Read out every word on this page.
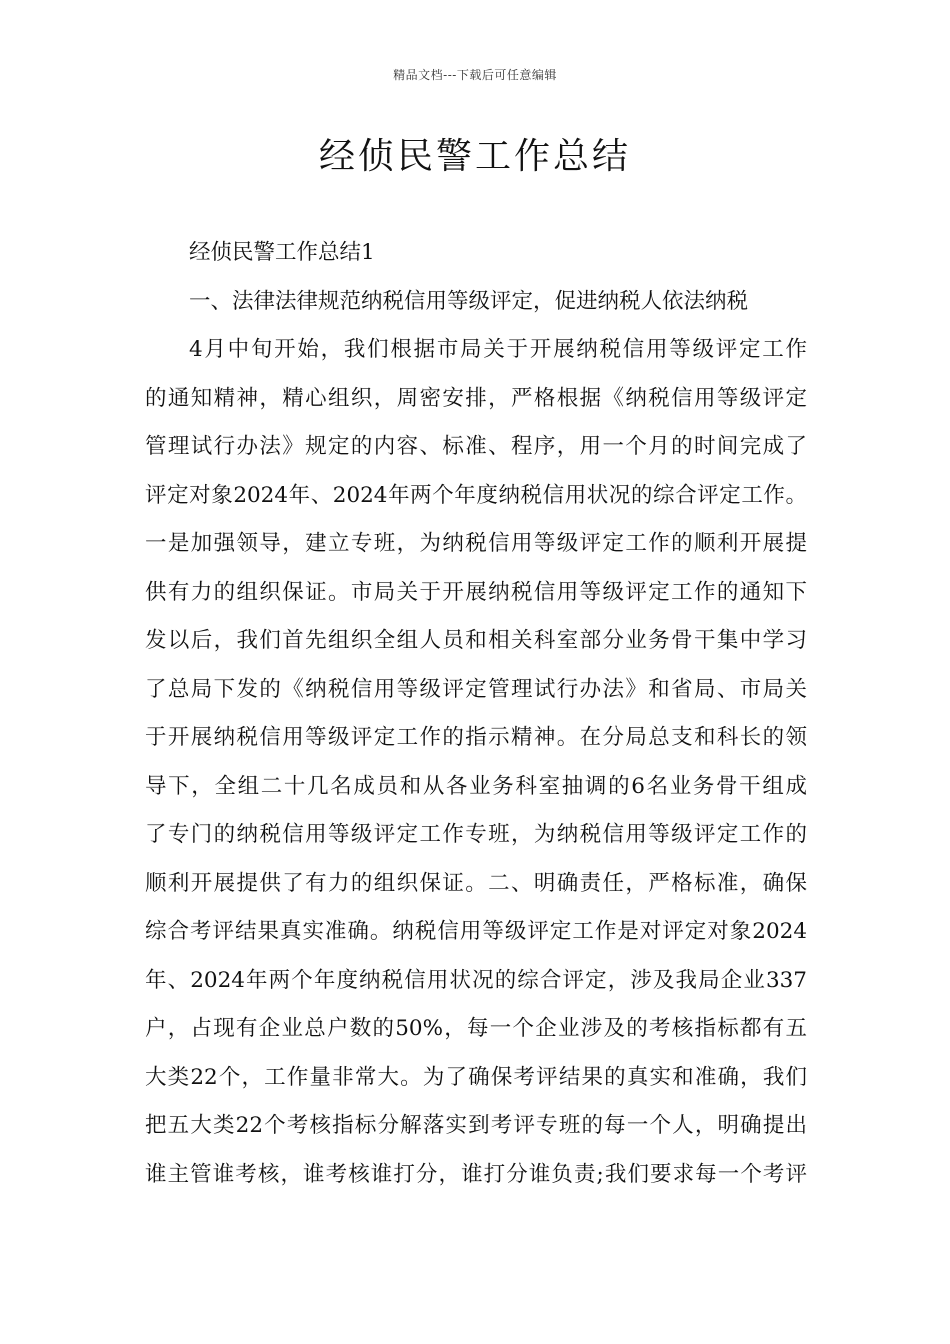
精品文档---下载后可任意编辑
经侦民警工作总结
经侦民警工作总结1
一、法律法律规范纳税信用等级评定，促进纳税人依法纳税
4月中旬开始，我们根据市局关于开展纳税信用等级评定工作
的通知精神，精心组织，周密安排，严格根据《纳税信用等级评定
管理试行办法》规定的内容、标准、程序，用一个月的时间完成了
评定对象2024年、2024年两个年度纳税信用状况的综合评定工作。
一是加强领导，建立专班，为纳税信用等级评定工作的顺利开展提
供有力的组织保证。市局关于开展纳税信用等级评定工作的通知下
发以后，我们首先组织全组人员和相关科室部分业务骨干集中学习
了总局下发的《纳税信用等级评定管理试行办法》和省局、市局关
于开展纳税信用等级评定工作的指示精神。在分局总支和科长的领
导下，全组二十几名成员和从各业务科室抽调的6名业务骨干组成
了专门的纳税信用等级评定工作专班，为纳税信用等级评定工作的
顺利开展提供了有力的组织保证。二、明确责任，严格标准，确保
综合考评结果真实准确。纳税信用等级评定工作是对评定对象2024
年、2024年两个年度纳税信用状况的综合评定，涉及我局企业337
户，占现有企业总户数的50%，每一个企业涉及的考核指标都有五
大类22个，工作量非常大。为了确保考评结果的真实和准确，我们
把五大类22个考核指标分解落实到考评专班的每一个人，明确提出
谁主管谁考核，谁考核谁打分，谁打分谁负责;我们要求每一个考评
